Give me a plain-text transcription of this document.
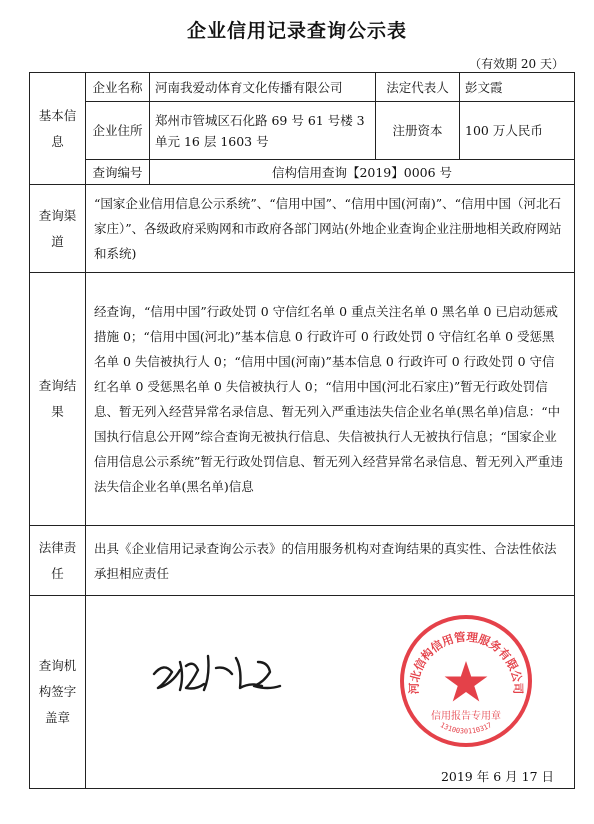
企业信用记录查询公示表
（有效期 20 天）
基本信息	企业名称	河南我爱动体育文化传播有限公司	法定代表人	彭文霞
	企业住所	郑州市管城区石化路 69 号 61 号楼 3 单元 16 层 1603 号	注册资本	100 万人民币
	查询编号	信构信用查询【2019】0006 号		
查询渠道	“国家企业信用信息公示系统”、“信用中国”、“信用中国(河南)”、“信用中国（河北石家庄）”、各级政府采购网和市政府各部门网站(外地企业查询企业注册地相关政府网站和系统)			
查询结果	经查询，“信用中国”行政处罚 0 守信红名单 0 重点关注名单 0 黑名单 0 已启动惩戒措施 0；“信用中国(河北)”基本信息 0 行政许可 0 行政处罚 0 守信红名单 0 受惩黑名单 0 失信被执行人 0；“信用中国(河南)”基本信息 0 行政许可 0 行政处罚 0 守信红名单 0 受惩黑名单 0 失信被执行人 0；“信用中国(河北石家庄)”暂无行政处罚信息、暂无列入经营异常名录信息、暂无列入严重违法失信企业名单(黑名单)信息：“中国执行信息公开网”综合查询无被执行信息、失信被执行人无被执行信息；“国家企业信用信息公示系统”暂无行政处罚信息、暂无列入经营异常名录信息、暂无列入严重违法失信企业名单(黑名单)信息			
法律责任	出具《企业信用记录查询公示表》的信用服务机构对查询结果的真实性、合法性依法承担相应责任			
查询机构签字盖章	河北信构信用管理服务有限公司
信用报告专用章
1310030110317
2019 年 6 月 17 日			
